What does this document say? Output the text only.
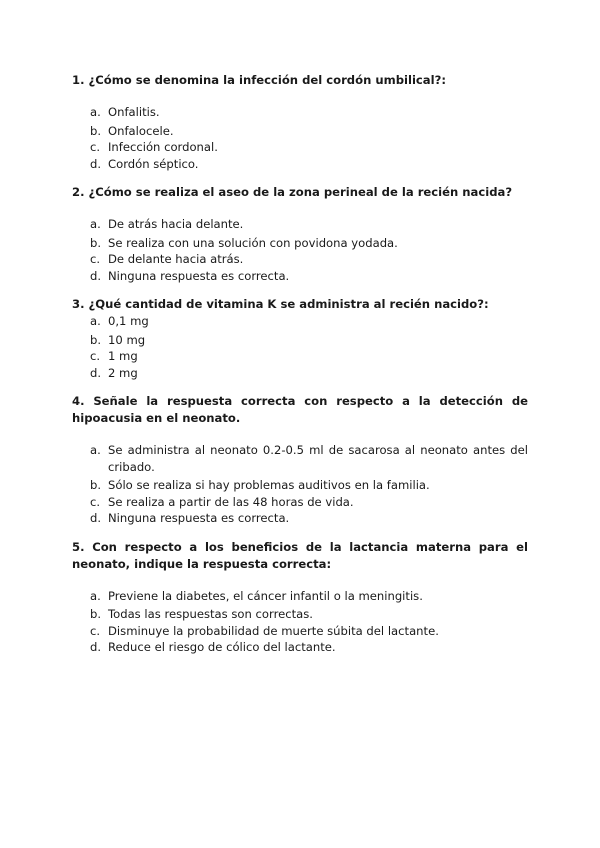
1. ¿Cómo se denomina la infección del cordón umbilical?:

a. Onfalitis.
b. Onfalocele.
c. Infección cordonal.
d. Cordón séptico.

2. ¿Cómo se realiza el aseo de la zona perineal de la recién nacida?

a. De atrás hacia delante.
b. Se realiza con una solución con povidona yodada.
c. De delante hacia atrás.
d. Ninguna respuesta es correcta.

3. ¿Qué cantidad de vitamina K se administra al recién nacido?:

a. 0,1 mg
b. 10 mg
c. 1 mg
d. 2 mg

4. Señale la respuesta correcta con respecto a la detección de hipoacusia en el neonato.

a. Se administra al neonato 0.2-0.5 ml de sacarosa al neonato antes del cribado.
b. Sólo se realiza si hay problemas auditivos en la familia.
c. Se realiza a partir de las 48 horas de vida.
d. Ninguna respuesta es correcta.

5. Con respecto a los beneficios de la lactancia materna para el neonato, indique la respuesta correcta:

a. Previene la diabetes, el cáncer infantil o la meningitis.
b. Todas las respuestas son correctas.
c. Disminuye la probabilidad de muerte súbita del lactante.
d. Reduce el riesgo de cólico del lactante.
